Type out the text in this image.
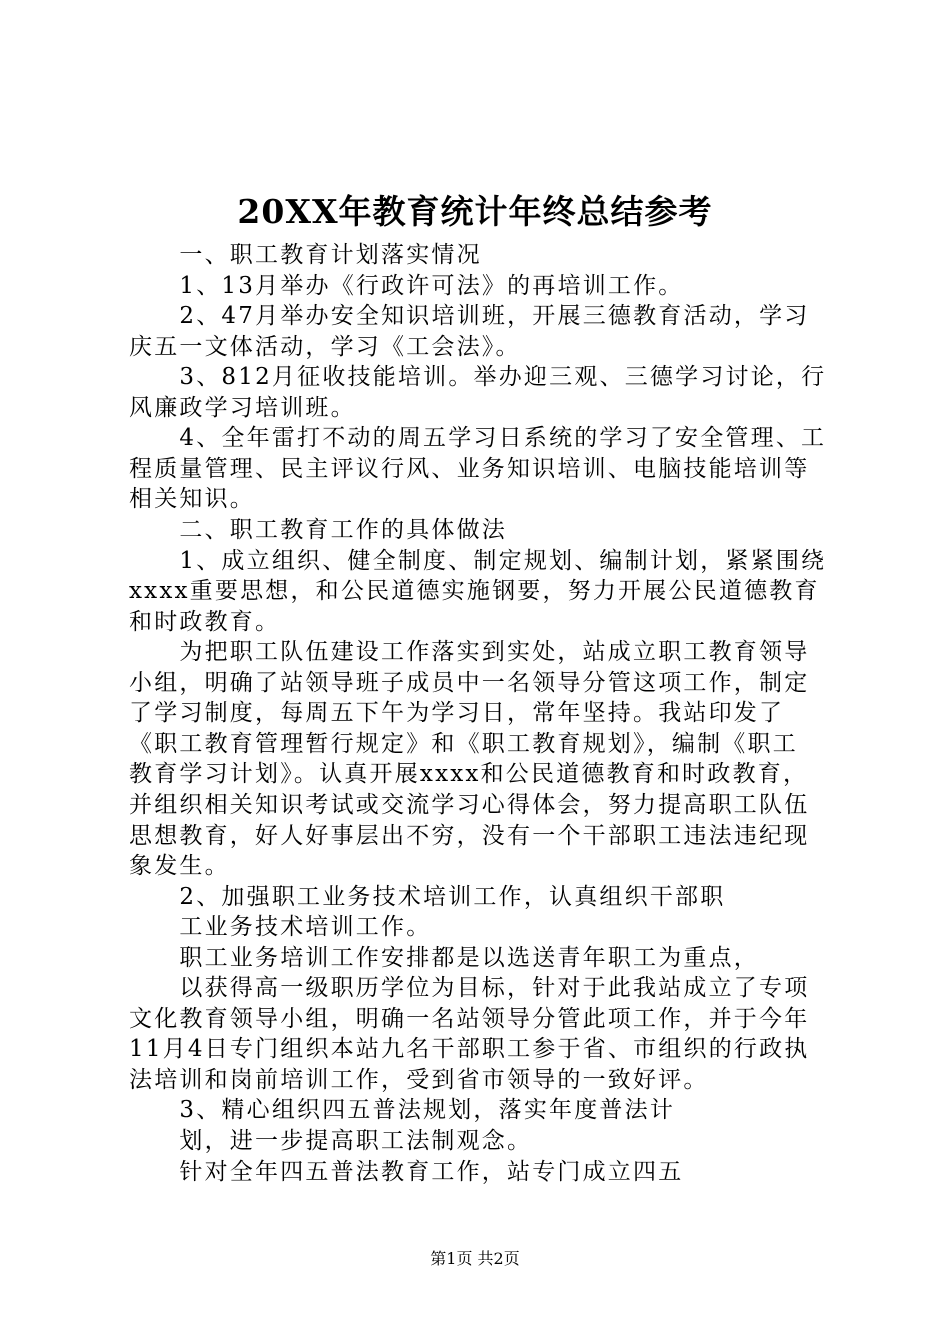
20XX年教育统计年终总结参考
　　一、职工教育计划落实情况
　　1、13月举办《行政许可法》的再培训工作。
　　2、47月举办安全知识培训班，开展三德教育活动，学习
庆五一文体活动，学习《工会法》。
　　3、812月征收技能培训。举办迎三观、三德学习讨论，行
风廉政学习培训班。
　　4、全年雷打不动的周五学习日系统的学习了安全管理、工
程质量管理、民主评议行风、业务知识培训、电脑技能培训等
相关知识。
　　二、职工教育工作的具体做法
　　1、成立组织、健全制度、制定规划、编制计划，紧紧围绕
xxxx重要思想，和公民道德实施钢要，努力开展公民道德教育
和时政教育。
　　为把职工队伍建设工作落实到实处，站成立职工教育领导
小组，明确了站领导班子成员中一名领导分管这项工作，制定
了学习制度，每周五下午为学习日，常年坚持。我站印发了
《职工教育管理暂行规定》和《职工教育规划》，编制《职工
教育学习计划》。认真开展xxxx和公民道德教育和时政教育，
并组织相关知识考试或交流学习心得体会，努力提高职工队伍
思想教育，好人好事层出不穷，没有一个干部职工违法违纪现
象发生。
　　2、加强职工业务技术培训工作，认真组织干部职
　　工业务技术培训工作。
　　职工业务培训工作安排都是以选送青年职工为重点，
　　以获得高一级职历学位为目标，针对于此我站成立了专项
文化教育领导小组，明确一名站领导分管此项工作，并于今年
11月4日专门组织本站九名干部职工参于省、市组织的行政执
法培训和岗前培训工作，受到省市领导的一致好评。
　　3、精心组织四五普法规划，落实年度普法计
　　划，进一步提高职工法制观念。
　　针对全年四五普法教育工作，站专门成立四五
第1页 共2页
